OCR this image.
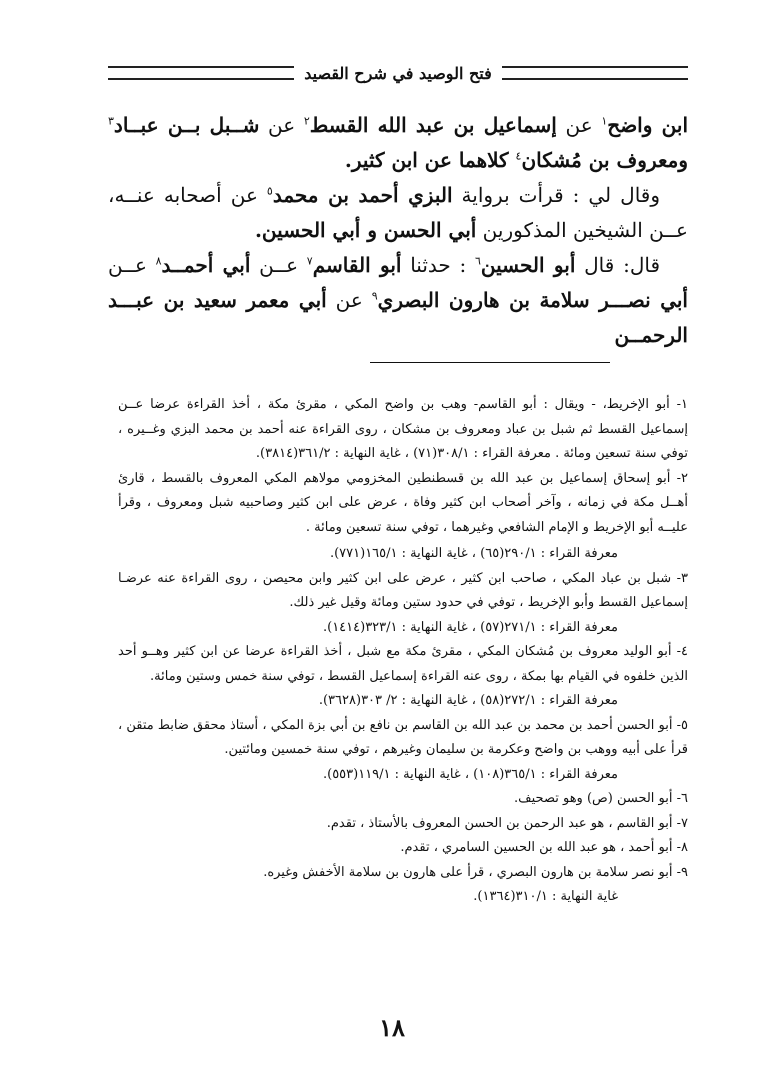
فتح الوصيد في شرح القصيد

ابن واضح$^١$ عن إسماعيل بن عبد الله القسط$^٢$ عن شــبل بــن عبــاد$^٣$ ومعروف بن مُشكان$^٤$ كلاهما عن ابن كثير.

وقال لي : قرأت برواية البزي أحمد بن محمد$^٥$ عن أصحابه عنــه، عــن الشيخين المذكورين أبي الحسن و أبي الحسين.

قال: قال أبو الحسين$^٦$ : حدثنا أبو القاسم$^٧$ عــن أبي أحمــد$^٨$ عــن أبي نصـــر سلامة بن هارون البصري$^٩$ عن أبي معمر سعيد بن عبـــد الرحمــن

١- أبو الإخريط، - ويقال : أبو القاسم- وهب بن واضح المكي ، مقرئ مكة ، أخذ القراءة عرضا عــن إسماعيل القسط ثم شبل بن عباد ومعروف بن مشكان ، روى القراءة عنه أحمد بن محمد البزي وغــيره ، توفي سنة تسعين ومائة . معرفة القراء : ٣٠٨/١(٧١) ، غاية النهاية : ٣٦١/٢(٣٨١٤).

٢- أبو إسحاق إسماعيل بن عبد الله بن قسطنطين المخزومي مولاهم المكي المعروف بالقسط ، قارئ أهــل مكة في زمانه ، وآخر أصحاب ابن كثير وفاة ، عرض على ابن كثير وصاحبيه شبل ومعروف ، وقرأ عليــه أبو الإخريط و الإمام الشافعي وغيرهما ، توفي سنة تسعين ومائة .

معرفة القراء : ٢٩٠/١(٦٥) ، غاية النهاية : ١٦٥/١(٧٧١).

٣- شبل بن عباد المكي ، صاحب ابن كثير ، عرض على ابن كثير وابن محيصن ، روى القراءة عنه عرضـا إسماعيل القسط وأبو الإخريط ، توفي في حدود ستين ومائة وقيل غير ذلك.

معرفة القراء : ٢٧١/١(٥٧) ، غاية النهاية : ٣٢٣/١(١٤١٤).

٤- أبو الوليد معروف بن مُشكان المكي ، مقرئ مكة مع شبل ، أخذ القراءة عرضا عن ابن كثير وهــو أحد الذين خلفوه في القيام بها بمكة ، روى عنه القراءة إسماعيل القسط ، توفي سنة خمس وستين ومائة.

معرفة القراء : ٢٧٢/١(٥٨) ، غاية النهاية : ٢/ ٣٠٣(٣٦٢٨).

٥- أبو الحسن أحمد بن محمد بن عبد الله بن القاسم بن نافع بن أبي بزة المكي ، أستاذ محقق ضابط متقن ، قرأ على أبيه ووهب بن واضح وعكرمة بن سليمان وغيرهم ، توفي سنة خمسين ومائتين.

معرفة القراء : ٣٦٥/١(١٠٨) ، غاية النهاية : ١١٩/١(٥٥٣).

٦- أبو الحسن (ص) وهو تصحيف.

٧- أبو القاسم ، هو عبد الرحمن بن الحسن المعروف بالأستاذ ، تقدم.

٨- أبو أحمد ، هو عبد الله بن الحسين السامري ، تقدم.

٩- أبو نصر سلامة بن هارون البصري ، قرأ على هارون بن سلامة الأخفش وغيره.

غاية النهاية : ٣١٠/١(١٣٦٤).

١٨
